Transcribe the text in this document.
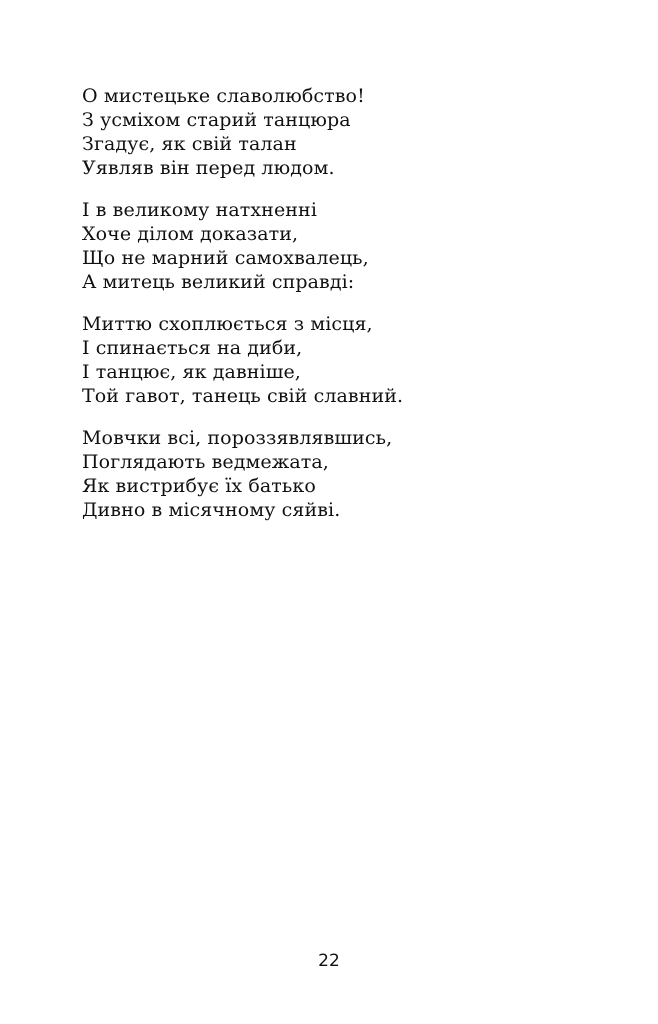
О мистецьке славолюбство!
З усміхом старий танцюра
Згадує, як свій талан
Уявляв він перед людом.
І в великому натхненні
Хоче ділом доказати,
Що не марний самохвалець,
А митець великий справді:
Миттю схоплюється з місця,
І спинається на диби,
І танцює, як давніше,
Той гавот, танець свій славний.
Мовчки всі, пороззявлявшись,
Поглядають ведмежата,
Як вистрибує їх батько
Дивно в місячному сяйві.
22
